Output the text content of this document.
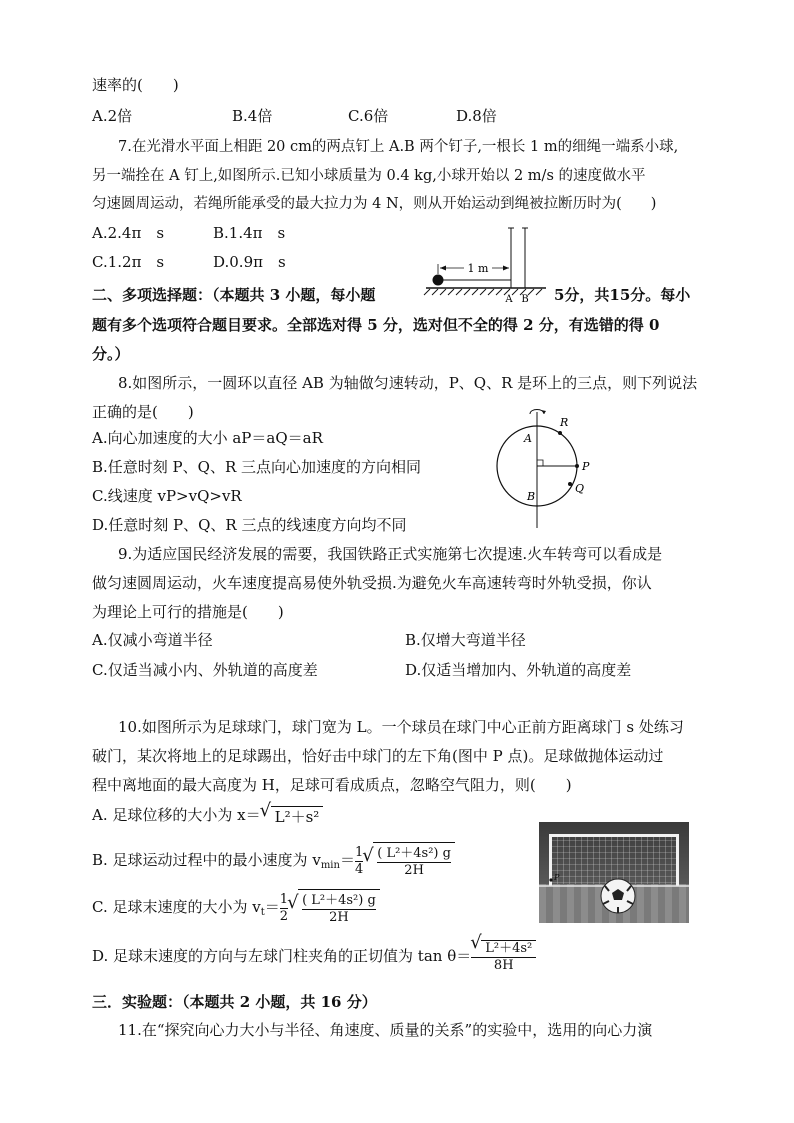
速率的(　　)
A.2倍	B.4倍	C.6倍	D.8倍
7.在光滑水平面上相距 20 cm的两点钉上 A.B 两个钉子,一根长 1 m的细绳一端系小球,
另一端拴在 A 钉上,如图所示.已知小球质量为 0.4 kg,小球开始以 2 m/s 的速度做水平
匀速圆周运动，若绳所能承受的最大拉力为 4 N，则从开始运动到绳被拉断历时为(　　)
A.2.4π　s	B.1.4π　s
C.1.2π　s	D.0.9π　s	1 m
A B
二、多项选择题：（本题共 3 小题，每小题	5分，共15分。每小
题有多个选项符合题目要求。全部选对得 5 分，选对但不全的得 2 分，有选错的得 0
分。）
8.如图所示，一圆环以直径 AB 为轴做匀速转动，P、Q、R 是环上的三点，则下列说法
正确的是(　　)
A.向心加速度的大小 aP＝aQ＝aR
B.任意时刻 P、Q、R 三点向心加速度的方向相同
C.线速度 vP>vQ>vR
D.任意时刻 P、Q、R 三点的线速度方向均不同
A
B
P
Q
R
9.为适应国民经济发展的需要，我国铁路正式实施第七次提速.火车转弯可以看成是
做匀速圆周运动，火车速度提高易使外轨受损.为避免火车高速转弯时外轨受损，你认
为理论上可行的措施是(　　)
A.仅减小弯道半径	B.仅增大弯道半径
C.仅适当减小内、外轨道的高度差	D.仅适当增加内、外轨道的高度差
10.如图所示为足球球门，球门宽为 L。一个球员在球门中心正前方距离球门 s 处练习
破门，某次将地上的足球踢出，恰好击中球门的左下角(图中 P 点)。足球做抛体运动过
程中离地面的最大高度为 H，足球可看成质点，忽略空气阻力，则(　　)
A. 足球位移的大小为 x＝ √ L²＋s²
B. 足球运动过程中的最小速度为 $v_{min}= \frac{1}{4}$ √ $\frac{\text{( L²＋4s²) g}}{2H}$
C. 足球末速度的大小为 $v_t= \frac{1}{2}$ √ $\frac{\text{( L²＋4s²) g}}{2H}$
D. 足球末速度的方向与左球门柱夹角的正切值为 tan θ＝ √ $\frac{\text{L²＋4s²}}{8H}$
P
三．实验题：（本题共 2 小题，共 16 分）
11.在“探究向心力大小与半径、角速度、质量的关系”的实验中，选用的向心力演
